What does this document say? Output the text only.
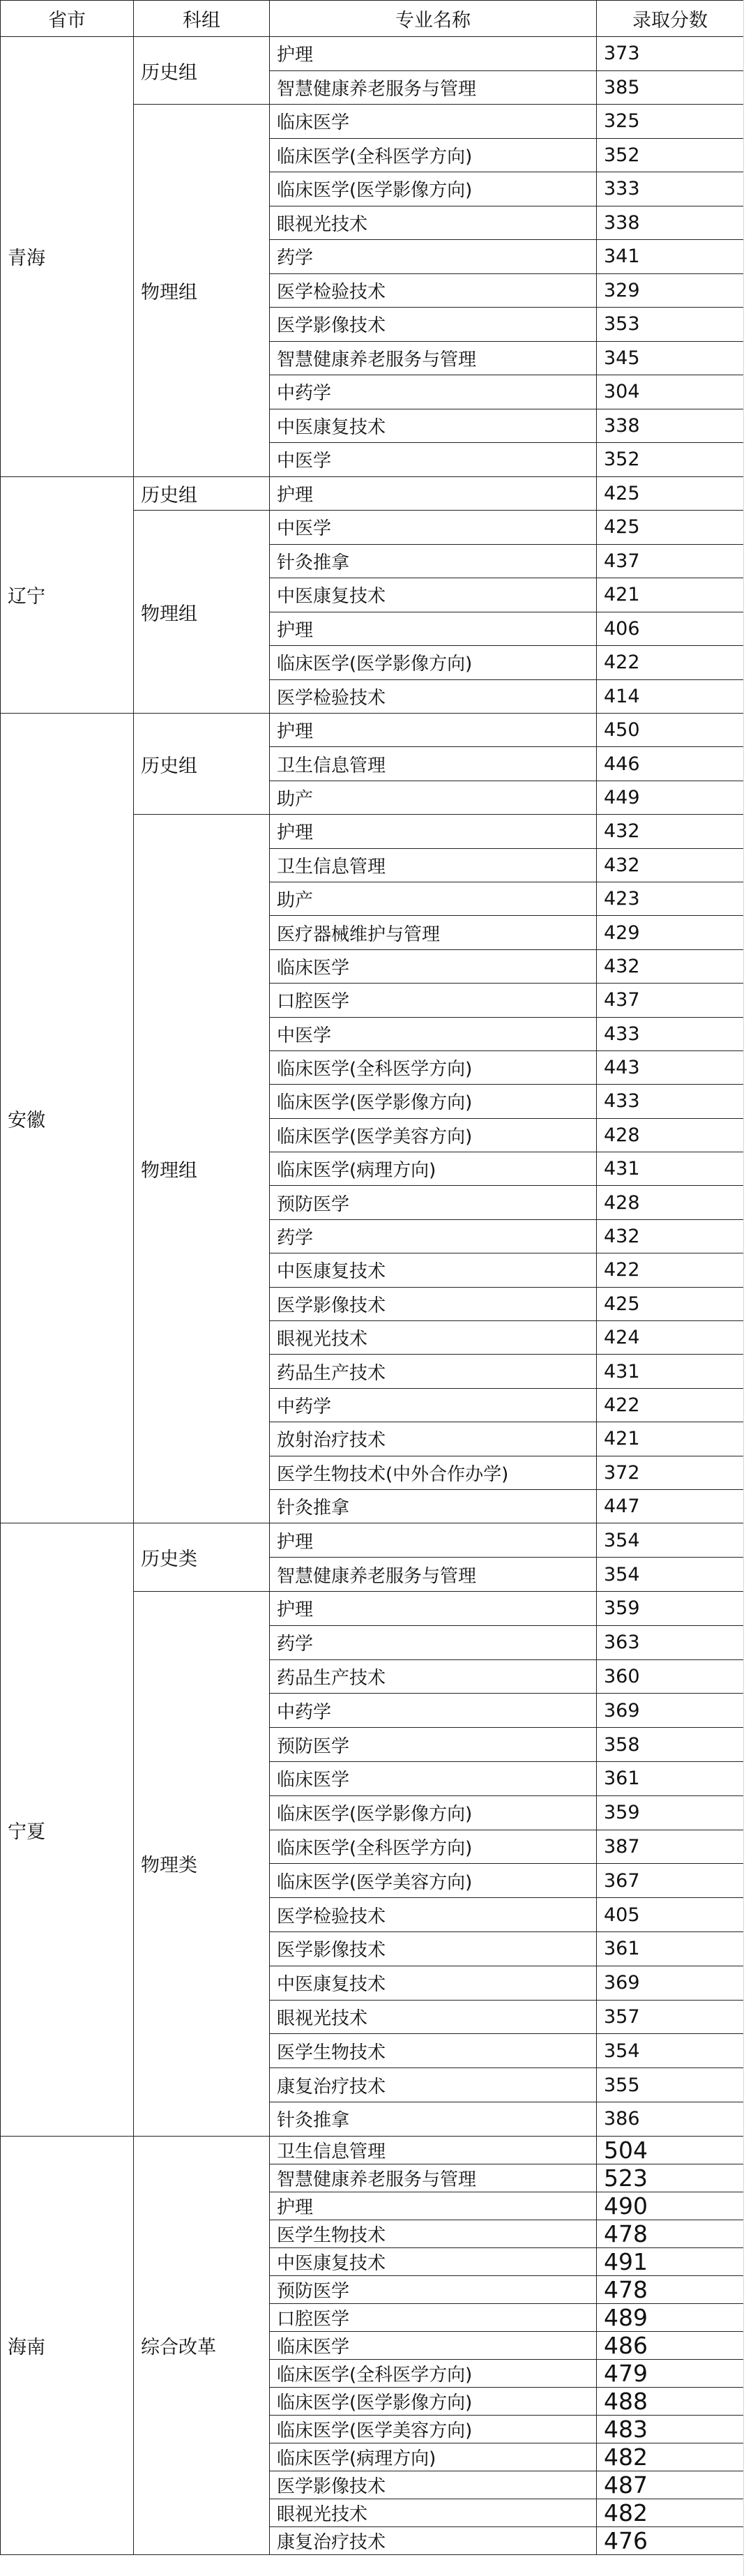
省市	科组	专业名称	录取分数
青海	历史组	护理	373
		智慧健康养老服务与管理	385
	物理组	临床医学	325
		临床医学(全科医学方向)	352
		临床医学(医学影像方向)	333
		眼视光技术	338
		药学	341
		医学检验技术	329
		医学影像技术	353
		智慧健康养老服务与管理	345
		中药学	304
		中医康复技术	338
		中医学	352
辽宁	历史组	护理	425
	物理组	中医学	425
		针灸推拿	437
		中医康复技术	421
		护理	406
		临床医学(医学影像方向)	422
		医学检验技术	414
安徽	历史组	护理	450
		卫生信息管理	446
		助产	449
	物理组	护理	432
		卫生信息管理	432
		助产	423
		医疗器械维护与管理	429
		临床医学	432
		口腔医学	437
		中医学	433
		临床医学(全科医学方向)	443
		临床医学(医学影像方向)	433
		临床医学(医学美容方向)	428
		临床医学(病理方向)	431
		预防医学	428
		药学	432
		中医康复技术	422
		医学影像技术	425
		眼视光技术	424
		药品生产技术	431
		中药学	422
		放射治疗技术	421
		医学生物技术(中外合作办学)	372
		针灸推拿	447
宁夏	历史类	护理	354
		智慧健康养老服务与管理	354
	物理类	护理	359
		药学	363
		药品生产技术	360
		中药学	369
		预防医学	358
		临床医学	361
		临床医学(医学影像方向)	359
		临床医学(全科医学方向)	387
		临床医学(医学美容方向)	367
		医学检验技术	405
		医学影像技术	361
		中医康复技术	369
		眼视光技术	357
		医学生物技术	354
		康复治疗技术	355
		针灸推拿	386
海南	综合改革	卫生信息管理	504
		智慧健康养老服务与管理	523
		护理	490
		医学生物技术	478
		中医康复技术	491
		预防医学	478
		口腔医学	489
		临床医学	486
		临床医学(全科医学方向)	479
		临床医学(医学影像方向)	488
		临床医学(医学美容方向)	483
		临床医学(病理方向)	482
		医学影像技术	487
		眼视光技术	482
		康复治疗技术	476
